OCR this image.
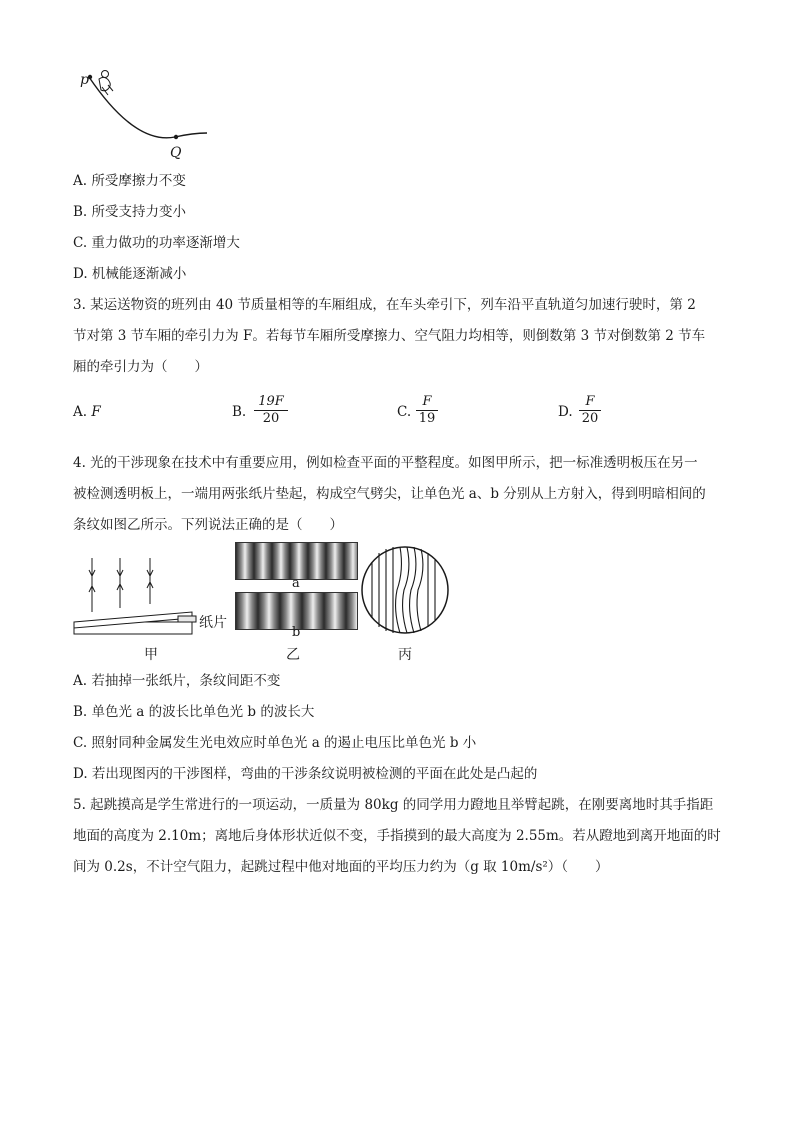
p
Q
A. 所受摩擦力不变
B. 所受支持力变小
C. 重力做功的功率逐渐增大
D. 机械能逐渐减小
3. 某运送物资的班列由 40 节质量相等的车厢组成，在车头牵引下，列车沿平直轨道匀加速行驶时，第 2
节对第 3 节车厢的牵引力为 F。若每节车厢所受摩擦力、空气阻力均相等，则倒数第 3 节对倒数第 2 节车
厢的牵引力为（　　）
A. F	B. $\frac{19F}{20}$	C. $\frac{F}{19}$	D. $\frac{F}{20}$
4. 光的干涉现象在技术中有重要应用，例如检查平面的平整程度。如图甲所示，把一标准透明板压在另一
被检测透明板上，一端用两张纸片垫起，构成空气劈尖，让单色光 a、b 分别从上方射入，得到明暗相间的
条纹如图乙所示。下列说法正确的是（　　）
纸片
甲
a
b
乙	丙
A. 若抽掉一张纸片，条纹间距不变
B. 单色光 a 的波长比单色光 b 的波长大
C. 照射同种金属发生光电效应时单色光 a 的遏止电压比单色光 b 小
D. 若出现图丙的干涉图样，弯曲的干涉条纹说明被检测的平面在此处是凸起的
5. 起跳摸高是学生常进行的一项运动，一质量为 80kg 的同学用力蹬地且举臂起跳，在刚要离地时其手指距
地面的高度为 2.10m；离地后身体形状近似不变，手指摸到的最大高度为 2.55m。若从蹬地到离开地面的时
间为 0.2s，不计空气阻力，起跳过程中他对地面的平均压力约为（g 取 10m/s²）（　　）
